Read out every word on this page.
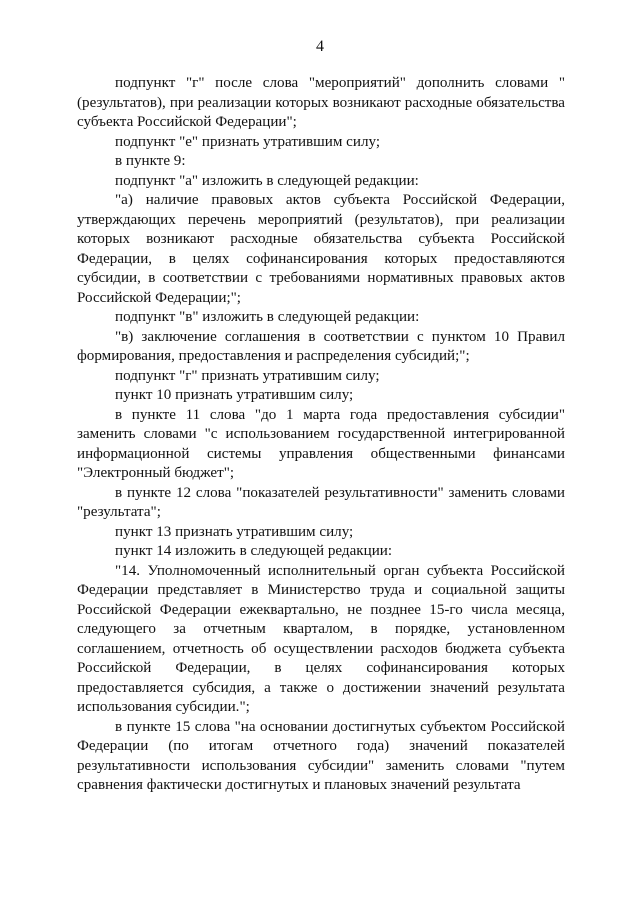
4

подпункт "г" после слова "мероприятий" дополнить словами "(результатов), при реализации которых возникают расходные обязательства субъекта Российской Федерации";

подпункт "е" признать утратившим силу;

в пункте 9:

подпункт "а" изложить в следующей редакции:

"а) наличие правовых актов субъекта Российской Федерации, утверждающих перечень мероприятий (результатов), при реализации которых возникают расходные обязательства субъекта Российской Федерации, в целях софинансирования которых предоставляются субсидии, в соответствии с требованиями нормативных правовых актов Российской Федерации;";

подпункт "в" изложить в следующей редакции:

"в) заключение соглашения в соответствии с пунктом 10 Правил формирования, предоставления и распределения субсидий;";

подпункт "г" признать утратившим силу;

пункт 10 признать утратившим силу;

в пункте 11 слова "до 1 марта года предоставления субсидии" заменить словами "с использованием государственной интегрированной информационной системы управления общественными финансами "Электронный бюджет";

в пункте 12 слова "показателей результативности" заменить словами "результата";

пункт 13 признать утратившим силу;

пункт 14 изложить в следующей редакции:

"14. Уполномоченный исполнительный орган субъекта Российской Федерации представляет в Министерство труда и социальной защиты Российской Федерации ежеквартально, не позднее 15-го числа месяца, следующего за отчетным кварталом, в порядке, установленном соглашением, отчетность об осуществлении расходов бюджета субъекта Российской Федерации, в целях софинансирования которых предоставляется субсидия, а также о достижении значений результата использования субсидии.";

в пункте 15 слова "на основании достигнутых субъектом Российской Федерации (по итогам отчетного года) значений показателей результативности использования субсидии" заменить словами "путем сравнения фактически достигнутых и плановых значений результата
